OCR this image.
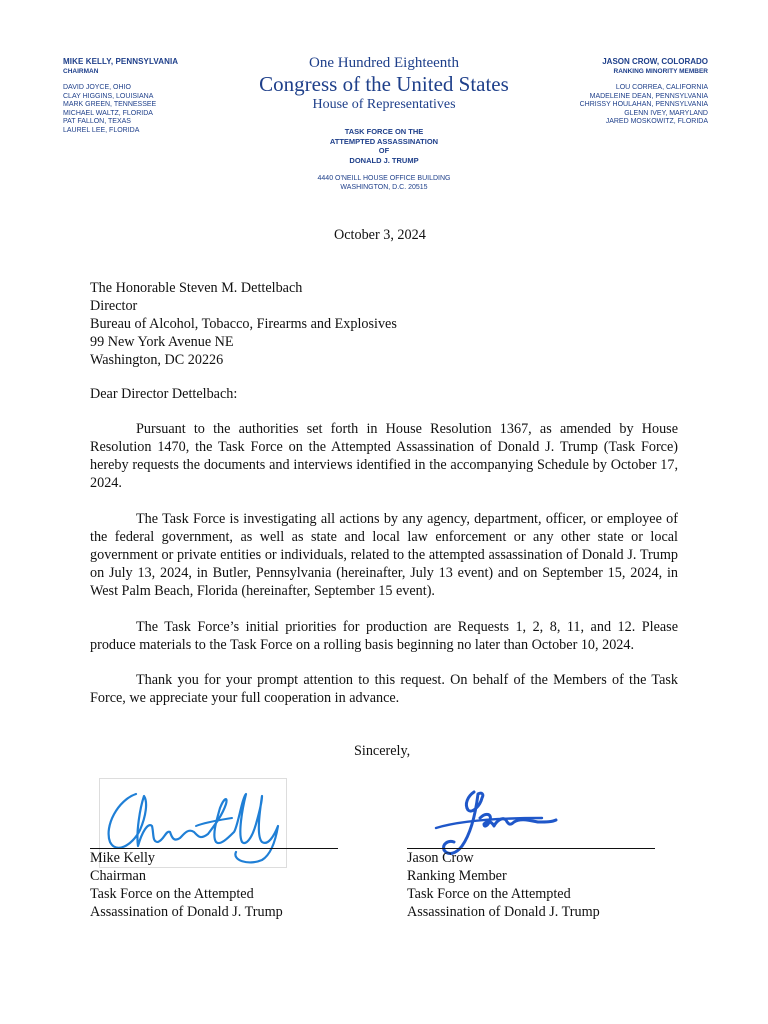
MIKE KELLY, PENNSYLVANIA
CHAIRMAN
DAVID JOYCE, OHIO
CLAY HIGGINS, LOUISIANA
MARK GREEN, TENNESSEE
MICHAEL WALTZ, FLORIDA
PAT FALLON, TEXAS
LAUREL LEE, FLORIDA
One Hundred Eighteenth
Congress of the United States
House of Representatives
TASK FORCE ON THE
ATTEMPTED ASSASSINATION
OF
DONALD J. TRUMP
4440 O'NEILL HOUSE OFFICE BUILDING
WASHINGTON, D.C. 20515
JASON CROW, COLORADO
RANKING MINORITY MEMBER
LOU CORREA, CALIFORNIA
MADELEINE DEAN, PENNSYLVANIA
CHRISSY HOULAHAN, PENNSYLVANIA
GLENN IVEY, MARYLAND
JARED MOSKOWITZ, FLORIDA
October 3, 2024
The Honorable Steven M. Dettelbach
Director
Bureau of Alcohol, Tobacco, Firearms and Explosives
99 New York Avenue NE
Washington, DC 20226
Dear Director Dettelbach:

Pursuant to the authorities set forth in House Resolution 1367, as amended by House Resolution 1470, the Task Force on the Attempted Assassination of Donald J. Trump (Task Force) hereby requests the documents and interviews identified in the accompanying Schedule by October 17, 2024.

The Task Force is investigating all actions by any agency, department, officer, or employee of the federal government, as well as state and local law enforcement or any other state or local government or private entities or individuals, related to the attempted assassination of Donald J. Trump on July 13, 2024, in Butler, Pennsylvania (hereinafter, July 13 event) and on September 15, 2024, in West Palm Beach, Florida (hereinafter, September 15 event).

The Task Force’s initial priorities for production are Requests 1, 2, 8, 11, and 12. Please produce materials to the Task Force on a rolling basis beginning no later than October 10, 2024.

Thank you for your prompt attention to this request. On behalf of the Members of the Task Force, we appreciate your full cooperation in advance.

Sincerely,
Mike Kelly
Chairman
Task Force on the Attempted
Assassination of Donald J. Trump
Jason Crow
Ranking Member
Task Force on the Attempted
Assassination of Donald J. Trump
